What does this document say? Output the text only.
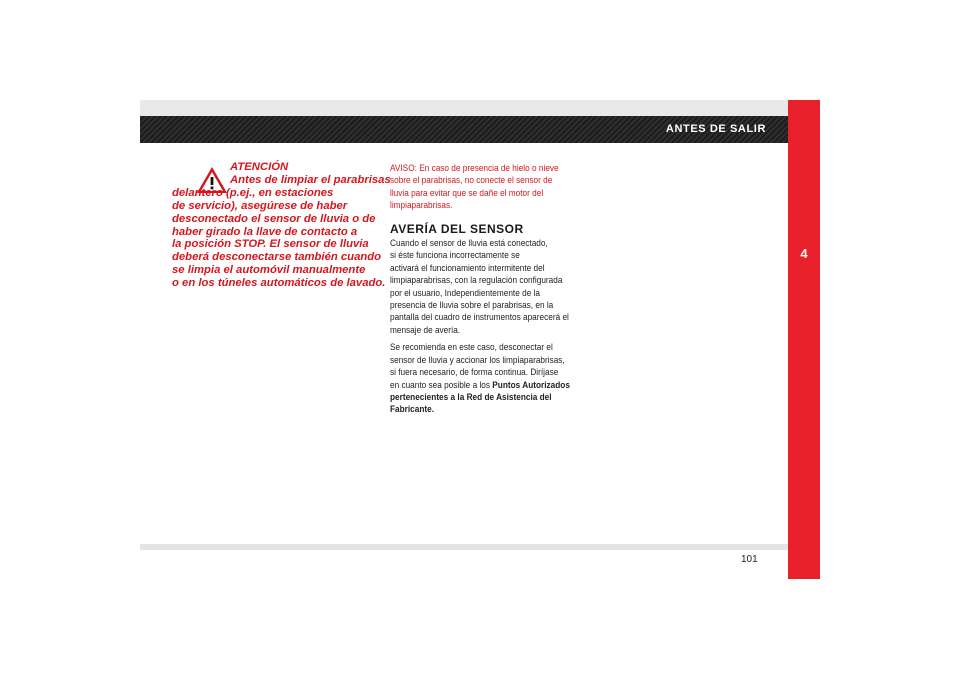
ANTES DE SALIR
4
ATENCIÓN
Antes de limpiar el parabrisas
delantero (p.ej., en estaciones
de servicio), asegúrese de haber
desconectado el sensor de lluvia o de
haber girado la llave de contacto a
la posición STOP. El sensor de lluvia
deberá desconectarse también cuando
se limpia el automóvil manualmente
o en los túneles automáticos de lavado.

AVISO: En caso de presencia de hielo o nieve
sobre el parabrisas, no conecte el sensor de
lluvia para evitar que se dañe el motor del
limpiaparabrisas.

AVERÍA DEL SENSOR

Cuando el sensor de lluvia está conectado,
si éste funciona incorrectamente se
activará el funcionamiento intermitente del
limpiaparabrisas, con la regulación configurada
por el usuario, Independientemente de la
presencia de lluvia sobre el parabrisas, en la
pantalla del cuadro de instrumentos aparecerá el
mensaje de avería.

Se recomienda en este caso, desconectar el
sensor de lluvia y accionar los limpiaparabrisas,
si fuera necesario, de forma continua. Diríjase
en cuanto sea posible a los Puntos Autorizados
pertenecientes a la Red de Asistencia del
Fabricante.

101
